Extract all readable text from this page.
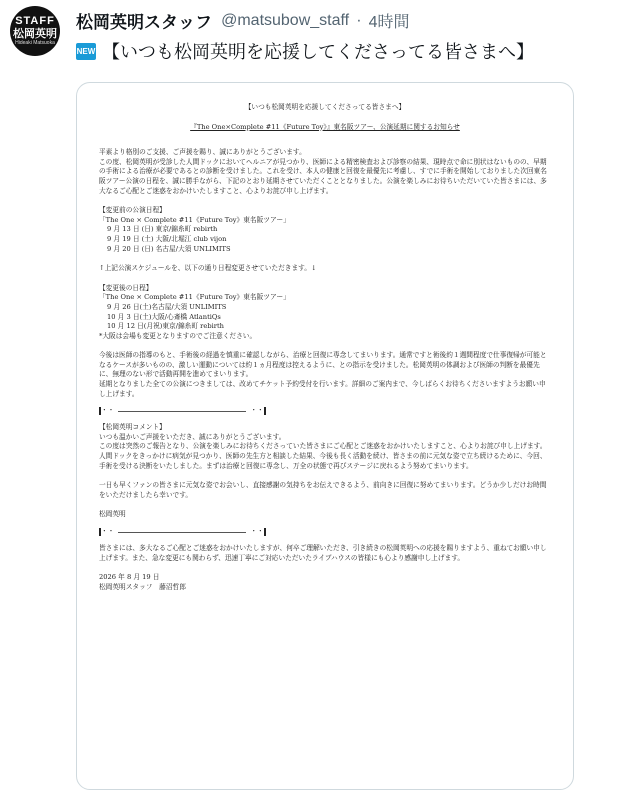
STAFF
松岡英明
Hideaki Matsuoka
松岡英明スタッフ @matsubow_staff · 4時間
NEW 【いつも松岡英明を応援してくださってる皆さまへ】

【いつも松岡英明を応援してくださってる皆さまへ】

『The One×Complete #11《Future Toy》』東名阪ツアー、公演延期に関するお知らせ

平素より格別のご支援、ご声援を賜り、誠にありがとうございます。

この度、松岡英明が受診した人間ドックにおいてヘルニアが見つかり、医師による精密検査および診察の結果、現時点で命に別状はないものの、早期の手術による治療が必要であるとの診断を受けました。これを受け、本人の健康と回復を最優先に考慮し、すでに手術を開始しておりました次回東名阪ツアー公演の日程を、誠に勝手ながら、下記のとおり延期させていただくこととなりました。公演を楽しみにお待ちいただいていた皆さまには、多大なるご心配とご迷惑をおかけいたしますこと、心よりお詫び申し上げます。

【変更前の公演日程】

「The One × Complete #11《Future Toy》東名阪ツアー」

9 月 13 日 (日) 東京/錦糸町 rebirth

9 月 19 日 (土) 大阪/北堀江 club vijon

9 月 20 日 (日) 名古屋/大須 UNLIMITS

↑上記公演スケジュールを、以下の通り日程変更させていただきます。↓

【変更後の日程】

「The One × Complete #11《Future Toy》東名阪ツアー」

9 月 26 日(土)名古屋/大須 UNLIMITS

10 月 3 日(土)大阪/心斎橋 AtlantiQs

10 月 12 日(月祝)東京/錦糸町 rebirth

*大阪は会場も変更となりますのでご注意ください。

今後は医師の指導のもと、手術後の経過を慎重に確認しながら、治療と回復に専念してまいります。通常ですと術後約１週間程度で仕事復帰が可能となるケースが多いものの、激しい運動については約１ヵ月程度は控えるように、との指示を受けました。松岡英明の体調および医師の判断を最優先に、無理のない形で活動再開を進めてまいります。

延期となりました全ての公演につきましては、改めてチケット予約受付を行います。詳細のご案内まで、今しばらくお待ちくださいますようお願い申し上げます。

・・	・・

【松岡英明コメント】

いつも温かいご声援をいただき、誠にありがとうございます。

この度は突然のご報告となり、公演を楽しみにお待ちくださっていた皆さまにご心配とご迷惑をおかけいたしますこと、心よりお詫び申し上げます。人間ドックをきっかけに病気が見つかり、医師の先生方と相談した結果、今後も長く活動を続け、皆さまの前に元気な姿で立ち続けるために、今回、手術を受ける決断をいたしました。まずは治療と回復に専念し、万全の状態で再びステージに戻れるよう努めてまいります。

一日も早くファンの皆さまに元気な姿でお会いし、直接感謝の気持ちをお伝えできるよう、前向きに回復に努めてまいります。どうか少しだけお時間をいただけましたら幸いです。

松岡英明

・・	・・

皆さまには、多大なるご心配とご迷惑をおかけいたしますが、何卒ご理解いただき、引き続きの松岡英明への応援を賜りますよう、重ねてお願い申し上げます。また、急な変更にも関わらず、迅速丁寧にご対応いただいたライブハウスの皆様にも心より感謝申し上げます。

2026 年 8 月 19 日

松岡英明スタッフ　藤沼哲郎
